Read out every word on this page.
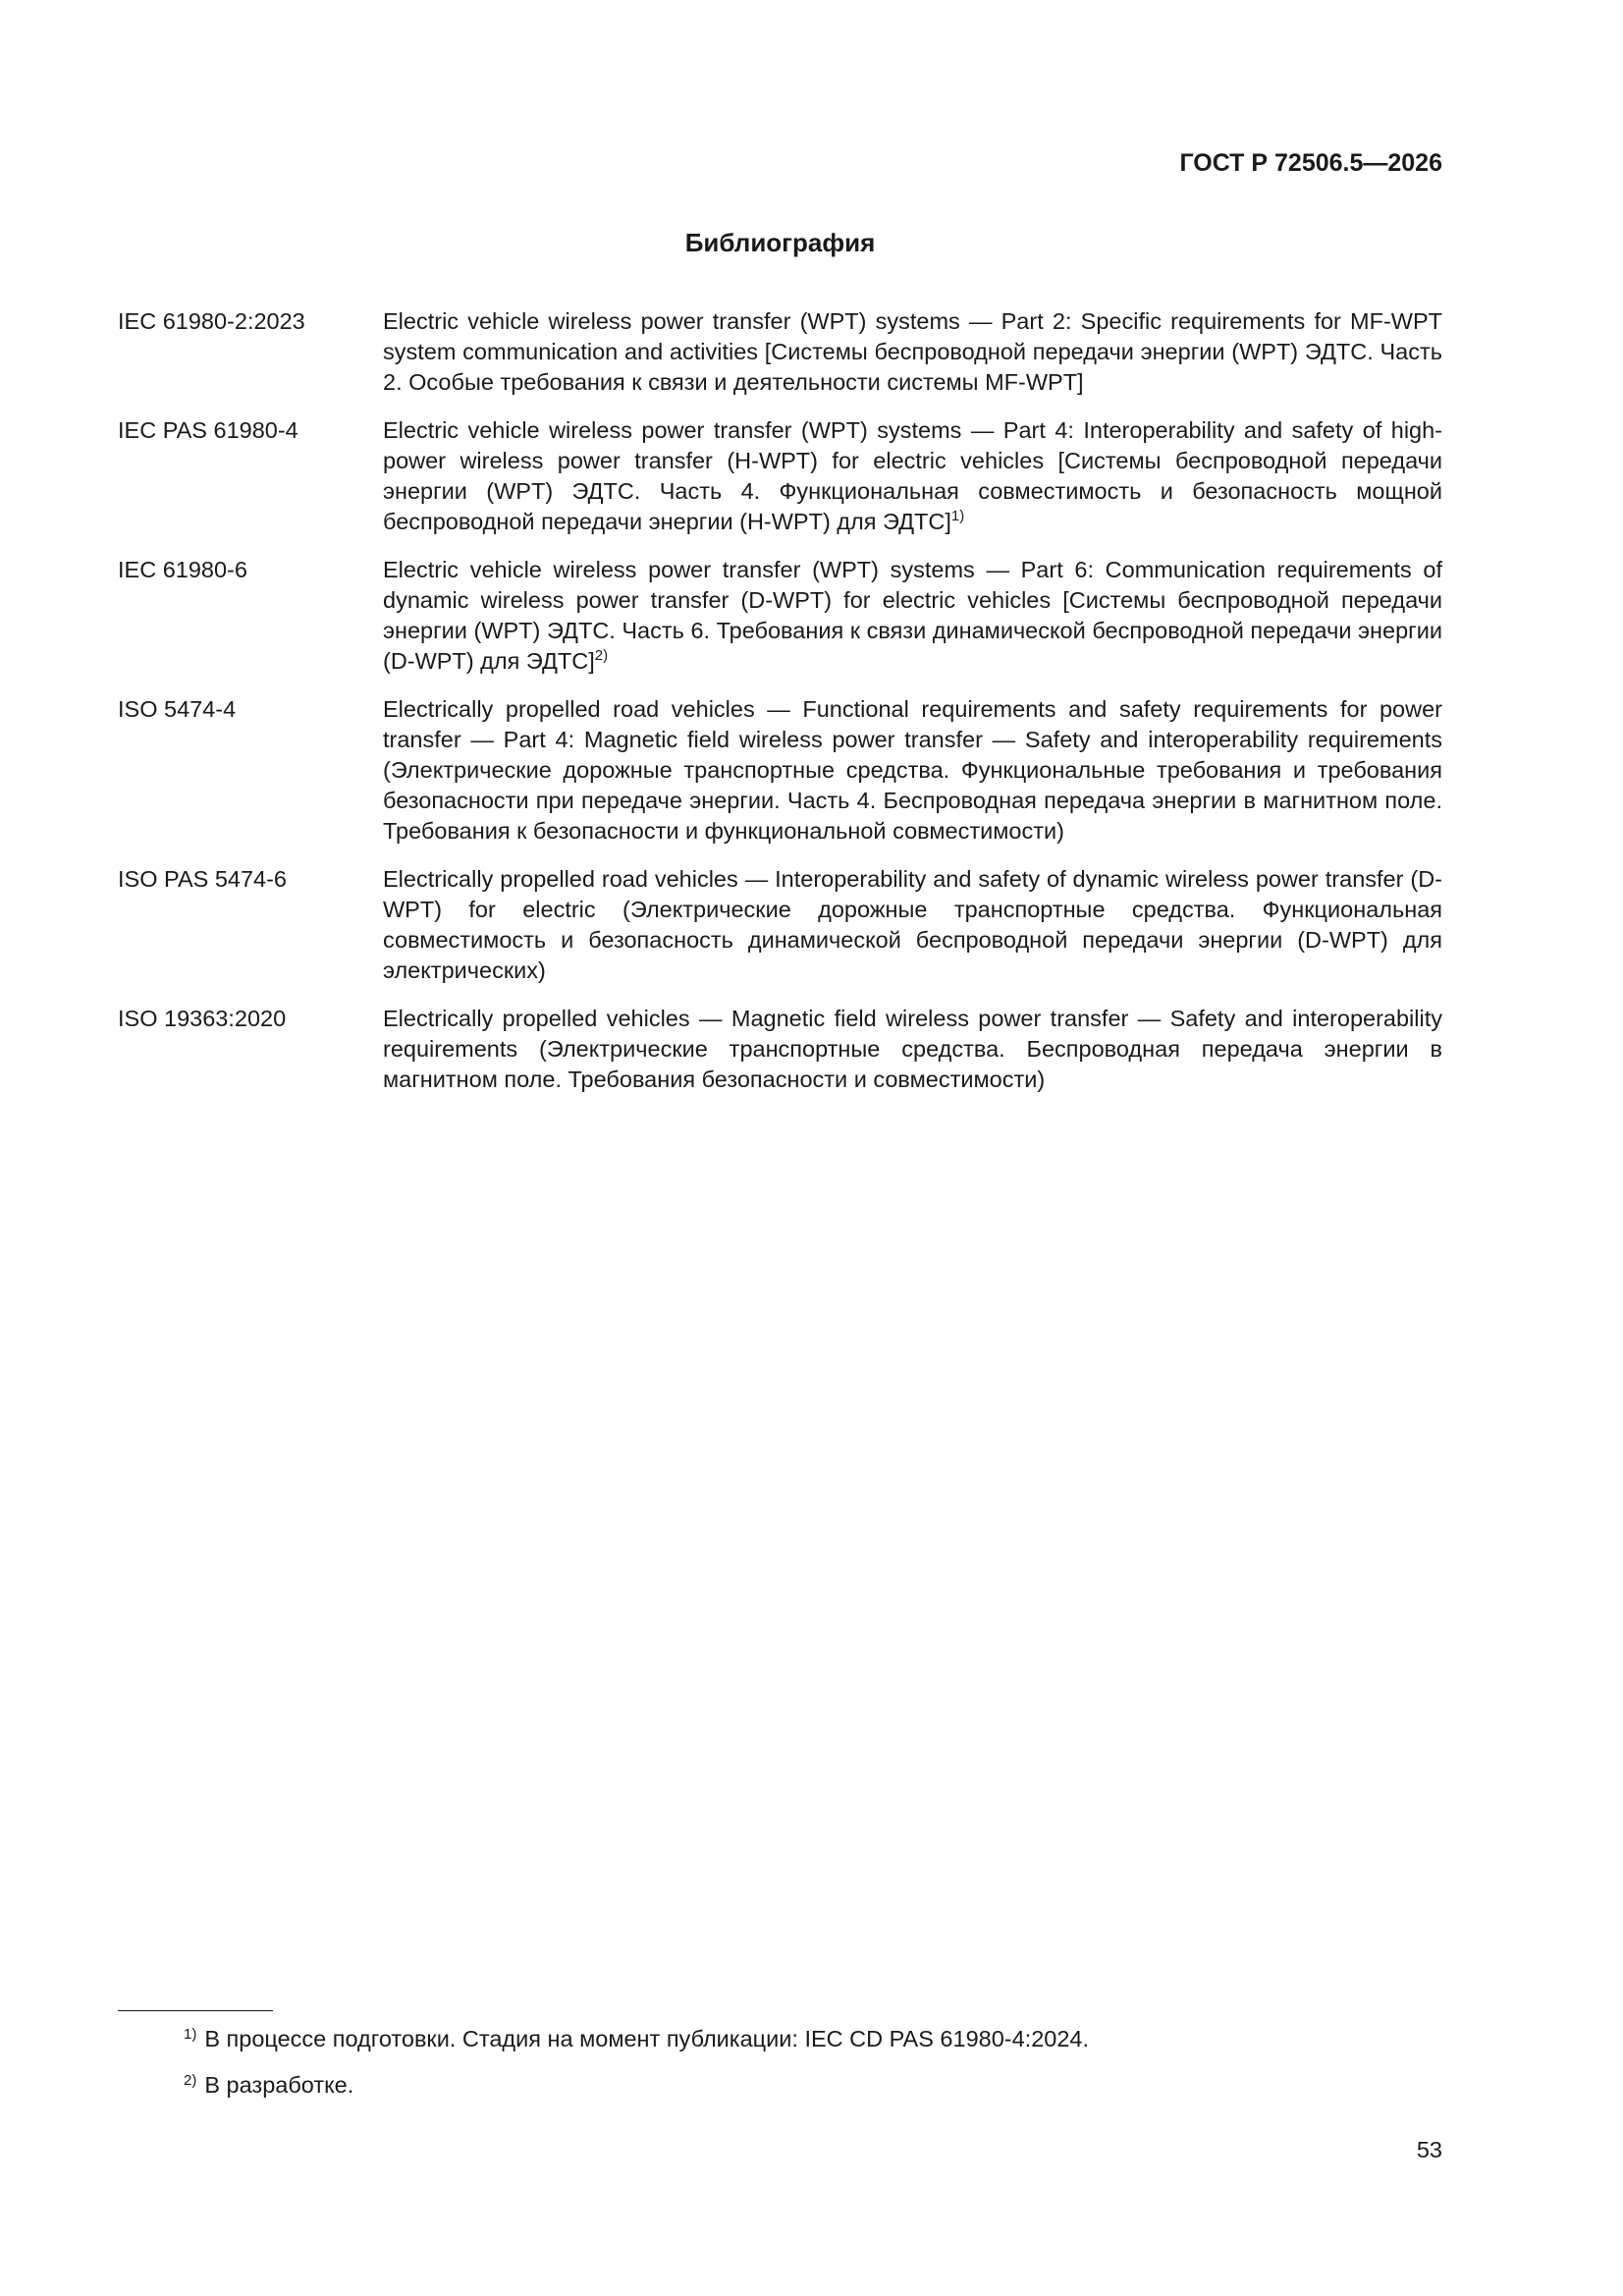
ГОСТ Р 72506.5—2026
Библиография
IEC 61980-2:2023	Electric vehicle wireless power transfer (WPT) systems — Part 2: Specific requirements for MF-WPT system communication and activities [Системы беспроводной передачи энергии (WPT) ЭДТС. Часть 2. Особые требования к связи и деятельности системы MF-WPT]
IEC PAS 61980-4	Electric vehicle wireless power transfer (WPT) systems — Part 4: Interoperability and safety of high-power wireless power transfer (H-WPT) for electric vehicles [Системы беспроводной передачи энергии (WPT) ЭДТС. Часть 4. Функциональная совместимость и безопасность мощной беспроводной передачи энергии (H-WPT) для ЭДТС]$^{1)}$
IEC 61980-6	Electric vehicle wireless power transfer (WPT) systems — Part 6: Communication requirements of dynamic wireless power transfer (D-WPT) for electric vehicles [Системы беспроводной передачи энергии (WPT) ЭДТС. Часть 6. Требования к связи динамической беспроводной передачи энергии (D-WPT) для ЭДТС]$^{2)}$
ISO 5474-4	Electrically propelled road vehicles — Functional requirements and safety requirements for power transfer — Part 4: Magnetic field wireless power transfer — Safety and interoperability requirements (Электрические дорожные транспортные средства. Функциональные требования и требования безопасности при передаче энергии. Часть 4. Беспроводная передача энергии в магнитном поле. Требования к безопасности и функциональной совместимости)
ISO PAS 5474-6	Electrically propelled road vehicles — Interoperability and safety of dynamic wireless power transfer (D-WPT) for electric (Электрические дорожные транспортные средства. Функциональная совместимость и безопасность динамической беспроводной передачи энергии (D-WPT) для электрических)
ISO 19363:2020	Electrically propelled vehicles — Magnetic field wireless power transfer — Safety and interoperability requirements (Электрические транспортные средства. Беспроводная передача энергии в магнитном поле. Требования безопасности и совместимости)
$^{1)}$ В процессе подготовки. Стадия на момент публикации: IEC CD PAS 61980-4:2024.
$^{2)}$ В разработке.
53
